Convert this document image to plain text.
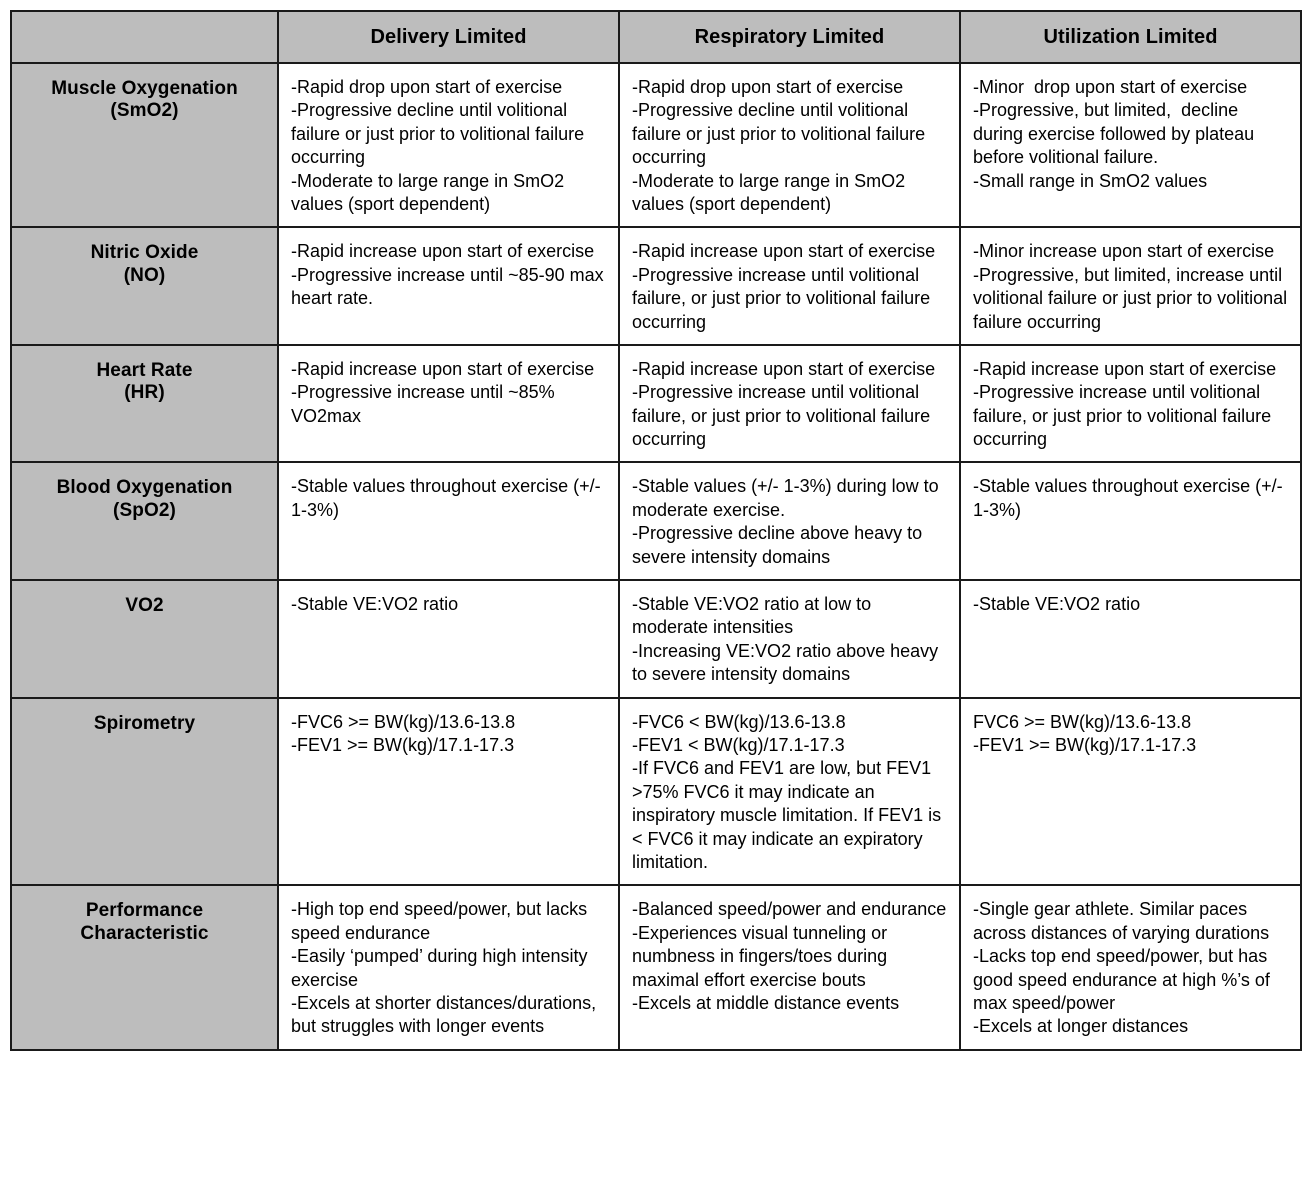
	Delivery Limited	Respiratory Limited	Utilization Limited

Muscle Oxygenation
(SmO2)	-Rapid drop upon start of exercise
-Progressive decline until volitional failure or just prior to volitional failure occurring
-Moderate to large range in SmO2 values (sport dependent)	-Rapid drop upon start of exercise
-Progressive decline until volitional failure or just prior to volitional failure occurring
-Moderate to large range in SmO2 values (sport dependent)	-Minor  drop upon start of exercise
-Progressive, but limited,  decline during exercise followed by plateau before volitional failure.
-Small range in SmO2 values

Nitric Oxide
(NO)	-Rapid increase upon start of exercise
-Progressive increase until ~85-90 max heart rate.	-Rapid increase upon start of exercise
-Progressive increase until volitional failure, or just prior to volitional failure occurring	-Minor increase upon start of exercise
-Progressive, but limited, increase until volitional failure or just prior to volitional failure occurring

Heart Rate
(HR)	-Rapid increase upon start of exercise
-Progressive increase until ~85% VO2max	-Rapid increase upon start of exercise
-Progressive increase until volitional failure, or just prior to volitional failure occurring	-Rapid increase upon start of exercise
-Progressive increase until volitional failure, or just prior to volitional failure occurring

Blood Oxygenation
(SpO2)	-Stable values throughout exercise (+/- 1-3%)	-Stable values (+/- 1-3%) during low to moderate exercise.
-Progressive decline above heavy to  severe intensity domains	-Stable values throughout exercise (+/- 1-3%)

VO2	-Stable VE:VO2 ratio	-Stable VE:VO2 ratio at low to moderate intensities
-Increasing VE:VO2 ratio above heavy to severe intensity domains	-Stable VE:VO2 ratio

Spirometry	-FVC6 >= BW(kg)/13.6-13.8
-FEV1 >= BW(kg)/17.1-17.3	-FVC6 < BW(kg)/13.6-13.8
-FEV1 < BW(kg)/17.1-17.3
-If FVC6 and FEV1 are low, but FEV1 >75% FVC6 it may indicate an inspiratory muscle limitation. If FEV1 is < FVC6 it may indicate an expiratory limitation.	FVC6 >= BW(kg)/13.6-13.8
-FEV1 >= BW(kg)/17.1-17.3

Performance
Characteristic	-High top end speed/power, but lacks speed endurance
-Easily ‘pumped’ during high intensity exercise
-Excels at shorter distances/durations, but struggles with longer events	-Balanced speed/power and endurance
-Experiences visual tunneling or numbness in fingers/toes during maximal effort exercise bouts
-Excels at middle distance events	-Single gear athlete. Similar paces across distances of varying durations
-Lacks top end speed/power, but has good speed endurance at high %’s of max speed/power
-Excels at longer distances
